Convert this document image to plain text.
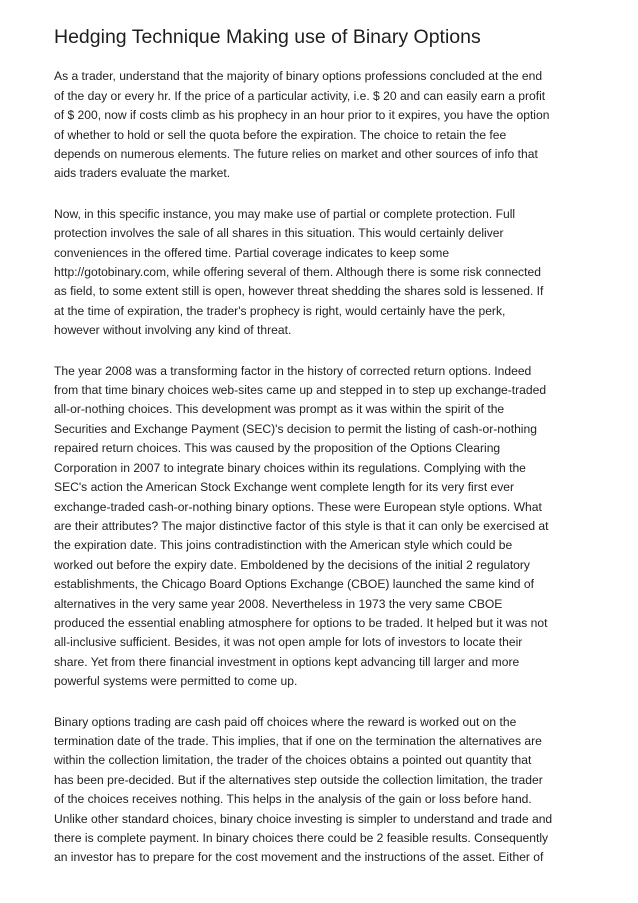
Hedging Technique Making use of Binary Options

As a trader, understand that the majority of binary options professions concluded at the end
of the day or every hr. If the price of a particular activity, i.e. $ 20 and can easily earn a profit
of $ 200, now if costs climb as his prophecy in an hour prior to it expires, you have the option
of whether to hold or sell the quota before the expiration. The choice to retain the fee
depends on numerous elements. The future relies on market and other sources of info that
aids traders evaluate the market.

Now, in this specific instance, you may make use of partial or complete protection. Full
protection involves the sale of all shares in this situation. This would certainly deliver
conveniences in the offered time. Partial coverage indicates to keep some
http://gotobinary.com, while offering several of them. Although there is some risk connected
as field, to some extent still is open, however threat shedding the shares sold is lessened. If
at the time of expiration, the trader's prophecy is right, would certainly have the perk,
however without involving any kind of threat.

The year 2008 was a transforming factor in the history of corrected return options. Indeed
from that time binary choices web-sites came up and stepped in to step up exchange-traded
all-or-nothing choices. This development was prompt as it was within the spirit of the
Securities and Exchange Payment (SEC)'s decision to permit the listing of cash-or-nothing
repaired return choices. This was caused by the proposition of the Options Clearing
Corporation in 2007 to integrate binary choices within its regulations. Complying with the
SEC's action the American Stock Exchange went complete length for its very first ever
exchange-traded cash-or-nothing binary options. These were European style options. What
are their attributes? The major distinctive factor of this style is that it can only be exercised at
the expiration date. This joins contradistinction with the American style which could be
worked out before the expiry date. Emboldened by the decisions of the initial 2 regulatory
establishments, the Chicago Board Options Exchange (CBOE) launched the same kind of
alternatives in the very same year 2008. Nevertheless in 1973 the very same CBOE
produced the essential enabling atmosphere for options to be traded. It helped but it was not
all-inclusive sufficient. Besides, it was not open ample for lots of investors to locate their
share. Yet from there financial investment in options kept advancing till larger and more
powerful systems were permitted to come up.

Binary options trading are cash paid off choices where the reward is worked out on the
termination date of the trade. This implies, that if one on the termination the alternatives are
within the collection limitation, the trader of the choices obtains a pointed out quantity that
has been pre-decided. But if the alternatives step outside the collection limitation, the trader
of the choices receives nothing. This helps in the analysis of the gain or loss before hand.
Unlike other standard choices, binary choice investing is simpler to understand and trade and
there is complete payment. In binary choices there could be 2 feasible results. Consequently
an investor has to prepare for the cost movement and the instructions of the asset. Either of
